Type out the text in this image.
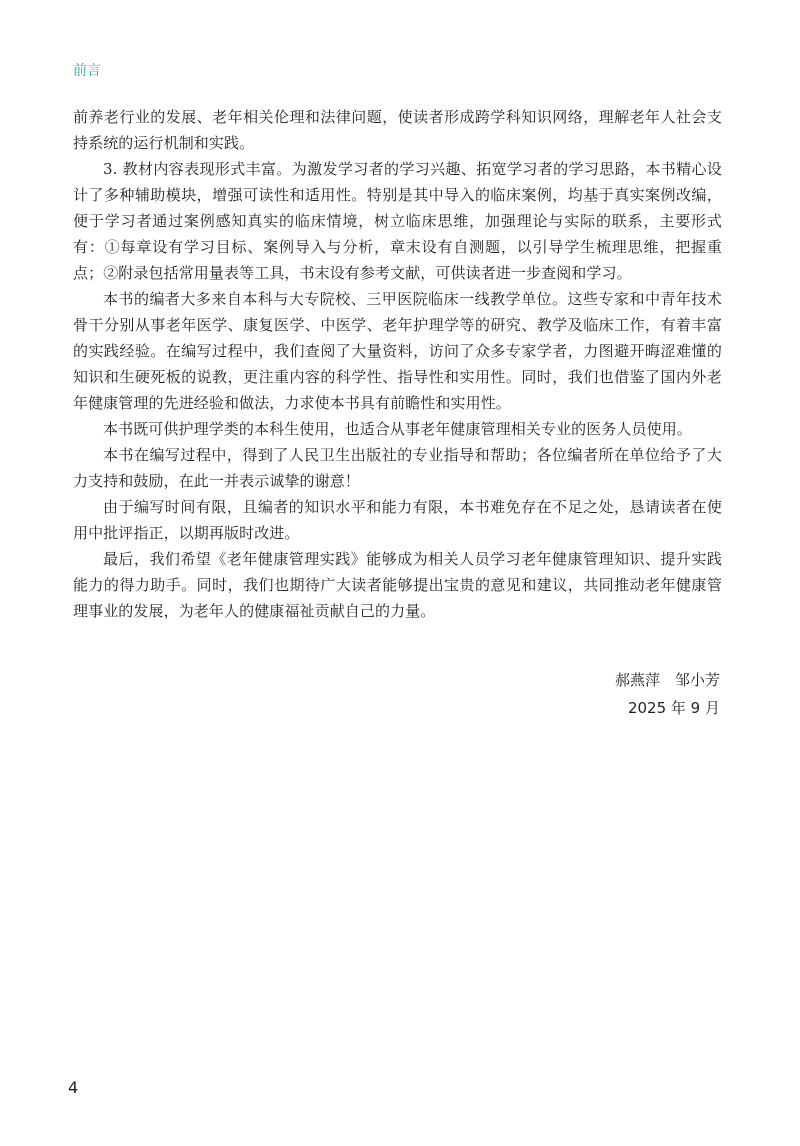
前言

前养老行业的发展、老年相关伦理和法律问题，使读者形成跨学科知识网络，理解老年人社会支持系统的运行机制和实践。

3. 教材内容表现形式丰富。为激发学习者的学习兴趣、拓宽学习者的学习思路，本书精心设计了多种辅助模块，增强可读性和适用性。特别是其中导入的临床案例，均基于真实案例改编，便于学习者通过案例感知真实的临床情境，树立临床思维，加强理论与实际的联系，主要形式有：①每章设有学习目标、案例导入与分析，章末设有自测题，以引导学生梳理思维，把握重点；②附录包括常用量表等工具，书末设有参考文献，可供读者进一步查阅和学习。

本书的编者大多来自本科与大专院校、三甲医院临床一线教学单位。这些专家和中青年技术骨干分别从事老年医学、康复医学、中医学、老年护理学等的研究、教学及临床工作，有着丰富的实践经验。在编写过程中，我们查阅了大量资料，访问了众多专家学者，力图避开晦涩难懂的知识和生硬死板的说教，更注重内容的科学性、指导性和实用性。同时，我们也借鉴了国内外老年健康管理的先进经验和做法，力求使本书具有前瞻性和实用性。

本书既可供护理学类的本科生使用，也适合从事老年健康管理相关专业的医务人员使用。

本书在编写过程中，得到了人民卫生出版社的专业指导和帮助；各位编者所在单位给予了大力支持和鼓励，在此一并表示诚挚的谢意！

由于编写时间有限，且编者的知识水平和能力有限，本书难免存在不足之处，恳请读者在使用中批评指正，以期再版时改进。

最后，我们希望《老年健康管理实践》能够成为相关人员学习老年健康管理知识、提升实践能力的得力助手。同时，我们也期待广大读者能够提出宝贵的意见和建议，共同推动老年健康管理事业的发展，为老年人的健康福祉贡献自己的力量。

郝燕萍　邹小芳
2025 年 9 月
4
